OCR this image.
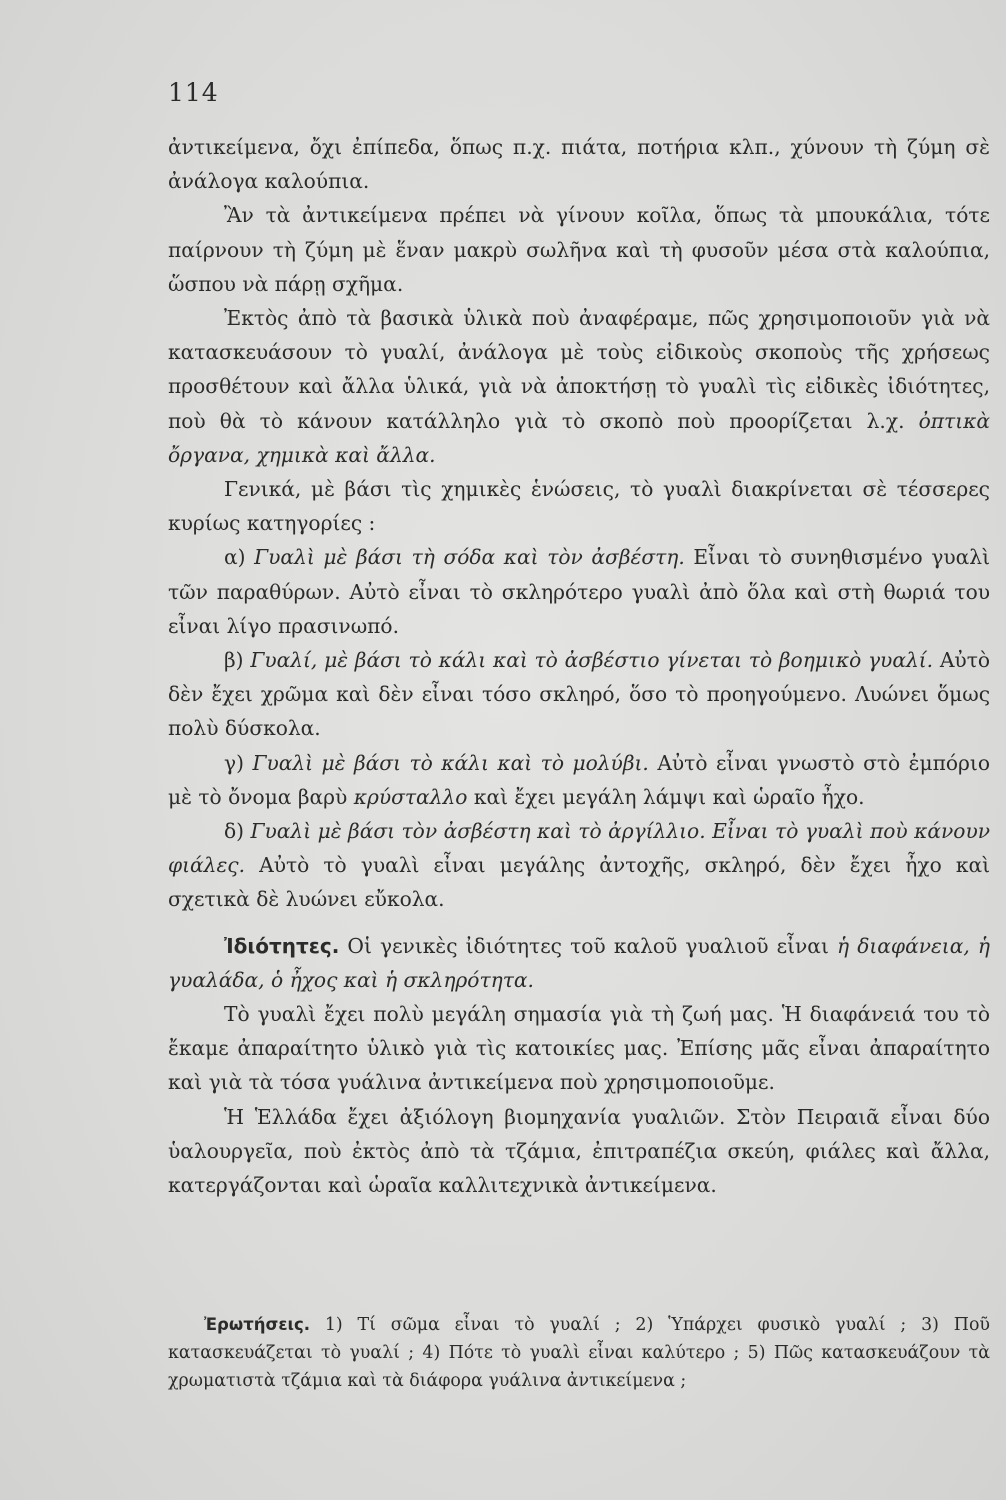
114

ἀντικείμενα, ὄχι ἐπίπεδα, ὅπως π.χ. πιάτα, ποτήρια κλπ., χύνουν τὴ ζύμη σὲ ἀνάλογα καλούπια.

Ἂν τὰ ἀντικείμενα πρέπει νὰ γίνουν κοῖλα, ὅπως τὰ μπουκάλια, τότε παίρνουν τὴ ζύμη μὲ ἕναν μακρὺ σωλῆνα καὶ τὴ φυσοῦν μέσα στὰ καλούπια, ὥσπου νὰ πάρῃ σχῆμα.

Ἐκτὸς ἀπὸ τὰ βασικὰ ὑλικὰ ποὺ ἀναφέραμε, πῶς χρησιμοποιοῦν γιὰ νὰ κατασκευάσουν τὸ γυαλί, ἀνάλογα μὲ τοὺς εἰδικοὺς σκοποὺς τῆς χρήσεως προσθέτουν καὶ ἄλλα ὑλικά, γιὰ νὰ ἀποκτήσῃ τὸ γυαλὶ τὶς εἰδικὲς ἰδιότητες, ποὺ θὰ τὸ κάνουν κατάλληλο γιὰ τὸ σκοπὸ ποὺ προορίζεται λ.χ. ὀπτικὰ ὄργανα, χημικὰ καὶ ἄλλα.

Γενικά, μὲ βάσι τὶς χημικὲς ἑνώσεις, τὸ γυαλὶ διακρίνεται σὲ τέσσερες κυρίως κατηγορίες :

α) Γυαλὶ μὲ βάσι τὴ σόδα καὶ τὸν ἀσβέστη. Εἶναι τὸ συνηθισμένο γυαλὶ τῶν παραθύρων. Αὐτὸ εἶναι τὸ σκληρότερο γυαλὶ ἀπὸ ὅλα καὶ στὴ θωριά του εἶναι λίγο πρασινωπό.

β) Γυαλί, μὲ βάσι τὸ κάλι καὶ τὸ ἀσβέστιο γίνεται τὸ βοημικὸ γυαλί. Αὐτὸ δὲν ἔχει χρῶμα καὶ δὲν εἶναι τόσο σκληρό, ὅσο τὸ προηγούμενο. Λυώνει ὅμως πολὺ δύσκολα.

γ) Γυαλὶ μὲ βάσι τὸ κάλι καὶ τὸ μολύβι. Αὐτὸ εἶναι γνωστὸ στὸ ἐμπόριο μὲ τὸ ὄνομα βαρὺ κρύσταλλο καὶ ἔχει μεγάλη λάμψι καὶ ὡραῖο ἦχο.

δ) Γυαλὶ μὲ βάσι τὸν ἀσβέστη καὶ τὸ ἀργίλλιο. Εἶναι τὸ γυαλὶ ποὺ κάνουν φιάλες. Αὐτὸ τὸ γυαλὶ εἶναι μεγάλης ἀντοχῆς, σκληρό, δὲν ἔχει ἦχο καὶ σχετικὰ δὲ λυώνει εὔκολα.

Ἰδιότητες. Οἱ γενικὲς ἰδιότητες τοῦ καλοῦ γυαλιοῦ εἶναι ἡ διαφάνεια, ἡ γυαλάδα, ὁ ἦχος καὶ ἡ σκληρότητα.

Τὸ γυαλὶ ἔχει πολὺ μεγάλη σημασία γιὰ τὴ ζωή μας. Ἡ διαφάνειά του τὸ ἔκαμε ἀπαραίτητο ὑλικὸ γιὰ τὶς κατοικίες μας. Ἐπίσης μᾶς εἶναι ἀπαραίτητο καὶ γιὰ τὰ τόσα γυάλινα ἀντικείμενα ποὺ χρησιμοποιοῦμε.

Ἡ Ἑλλάδα ἔχει ἀξιόλογη βιομηχανία γυαλιῶν. Στὸν Πειραιᾶ εἶναι δύο ὑαλουργεῖα, ποὺ ἐκτὸς ἀπὸ τὰ τζάμια, ἐπιτραπέζια σκεύη, φιάλες καὶ ἄλλα, κατεργάζονται καὶ ὡραῖα καλλιτεχνικὰ ἀντικείμενα.

Ἐρωτήσεις. 1) Τί σῶμα εἶναι τὸ γυαλί ; 2) Ὑπάρχει φυσικὸ γυαλί ; 3) Ποῦ κατασκευάζεται τὸ γυαλί ; 4) Πότε τὸ γυαλὶ εἶναι καλύτερο ; 5) Πῶς κατασκευάζουν τὰ χρωματιστὰ τζάμια καὶ τὰ διάφορα γυάλινα ἀντικείμενα ;
